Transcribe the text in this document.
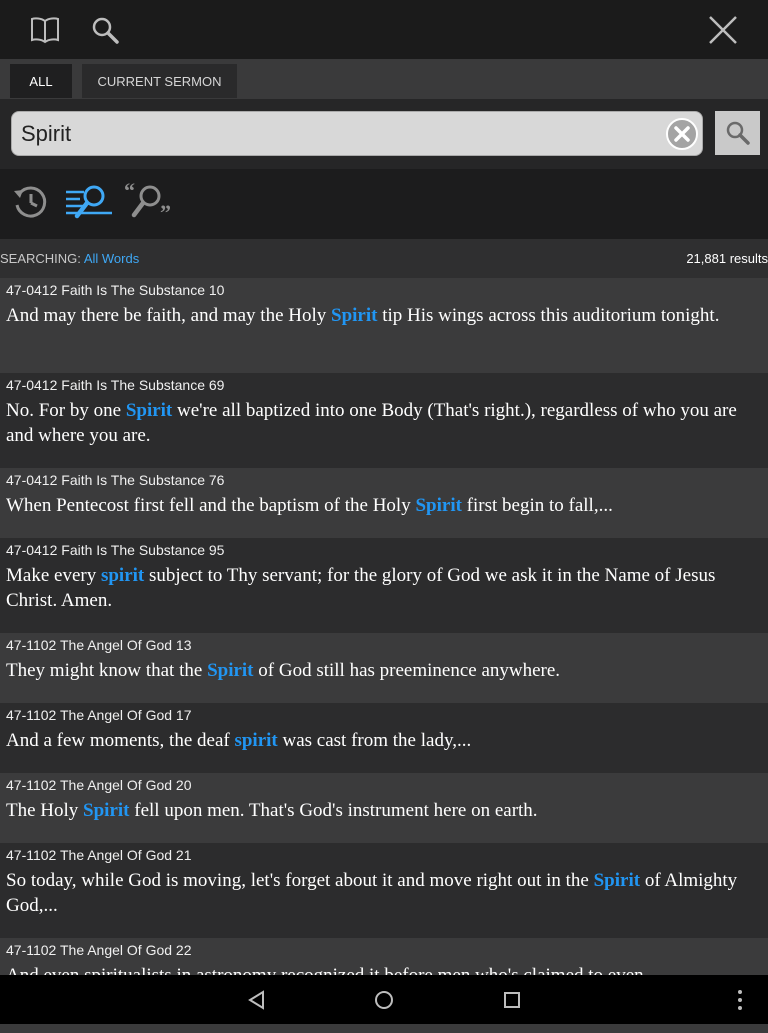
ALL	CURRENT SERMON
Spirit
“
”
SEARCHING: All Words	21,881 results
47-0412 Faith Is The Substance 10
And may there be faith, and may the Holy Spirit tip His wings across this auditorium tonight.
47-0412 Faith Is The Substance 69
No. For by one Spirit we're all baptized into one Body (That's right.), regardless of who you are and where you are.
47-0412 Faith Is The Substance 76
When Pentecost first fell and the baptism of the Holy Spirit first begin to fall,...
47-0412 Faith Is The Substance 95
Make every spirit subject to Thy servant; for the glory of God we ask it in the Name of Jesus Christ. Amen.
47-1102 The Angel Of God 13
They might know that the Spirit of God still has preeminence anywhere.
47-1102 The Angel Of God 17
And a few moments, the deaf spirit was cast from the lady,...
47-1102 The Angel Of God 20
The Holy Spirit fell upon men. That's God's instrument here on earth.
47-1102 The Angel Of God 21
So today, while God is moving, let's forget about it and move right out in the Spirit of Almighty God,...
47-1102 The Angel Of God 22
